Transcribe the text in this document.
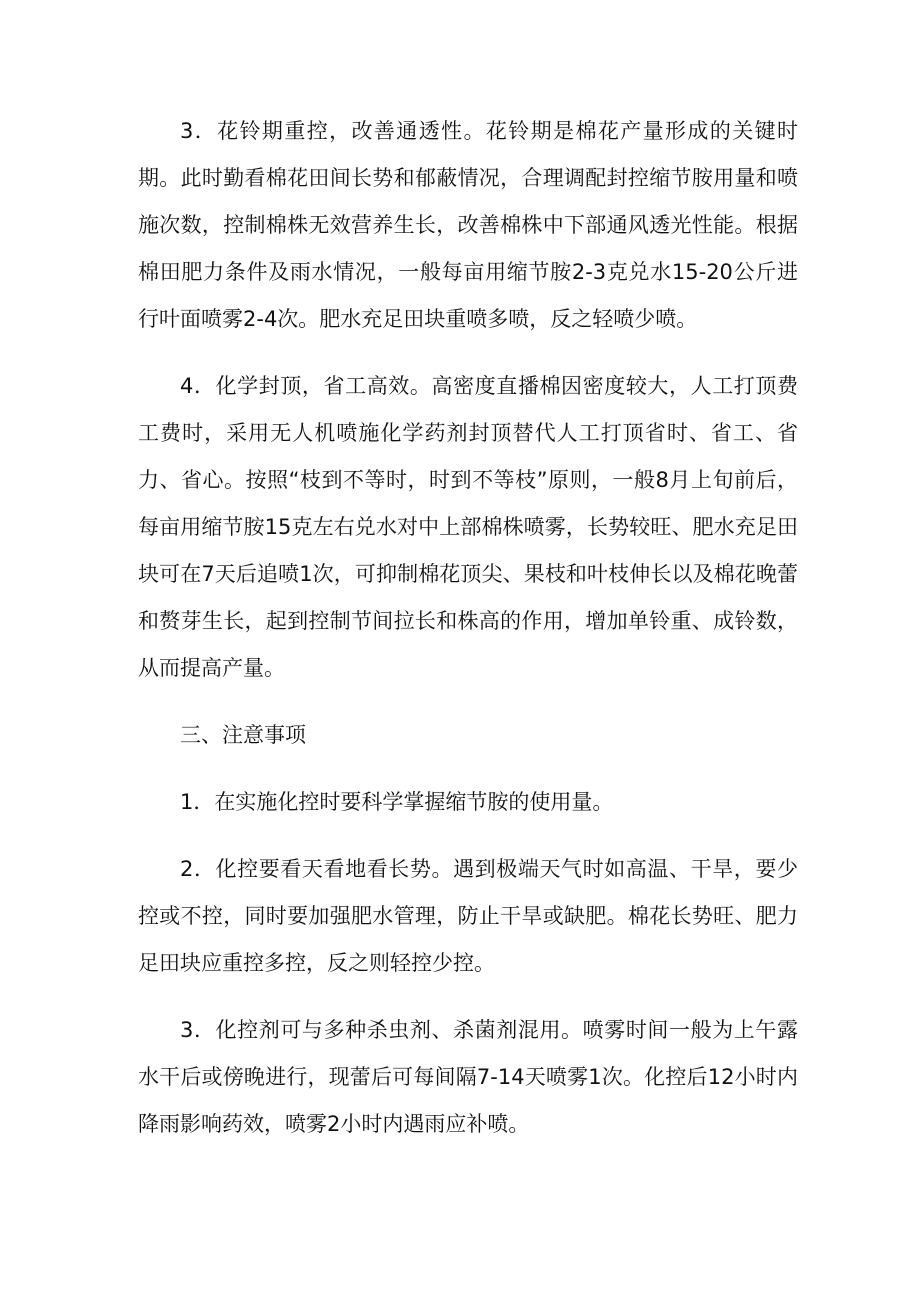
3．花铃期重控，改善通透性。花铃期是棉花产量形成的关键时期。此时勤看棉花田间长势和郁蔽情况，合理调配封控缩节胺用量和喷施次数，控制棉株无效营养生长，改善棉株中下部通风透光性能。根据棉田肥力条件及雨水情况，一般每亩用缩节胺2-3克兑水15-20公斤进行叶面喷雾2-4次。肥水充足田块重喷多喷，反之轻喷少喷。

4．化学封顶，省工高效。高密度直播棉因密度较大，人工打顶费工费时，采用无人机喷施化学药剂封顶替代人工打顶省时、省工、省力、省心。按照“枝到不等时，时到不等枝”原则，一般8月上旬前后，每亩用缩节胺15克左右兑水对中上部棉株喷雾，长势较旺、肥水充足田块可在7天后追喷1次，可抑制棉花顶尖、果枝和叶枝伸长以及棉花晚蕾和赘芽生长，起到控制节间拉长和株高的作用，增加单铃重、成铃数，从而提高产量。

三、注意事项

1．在实施化控时要科学掌握缩节胺的使用量。

2．化控要看天看地看长势。遇到极端天气时如高温、干旱，要少控或不控，同时要加强肥水管理，防止干旱或缺肥。棉花长势旺、肥力足田块应重控多控，反之则轻控少控。

3．化控剂可与多种杀虫剂、杀菌剂混用。喷雾时间一般为上午露水干后或傍晚进行，现蕾后可每间隔7-14天喷雾1次。化控后12小时内降雨影响药效，喷雾2小时内遇雨应补喷。
